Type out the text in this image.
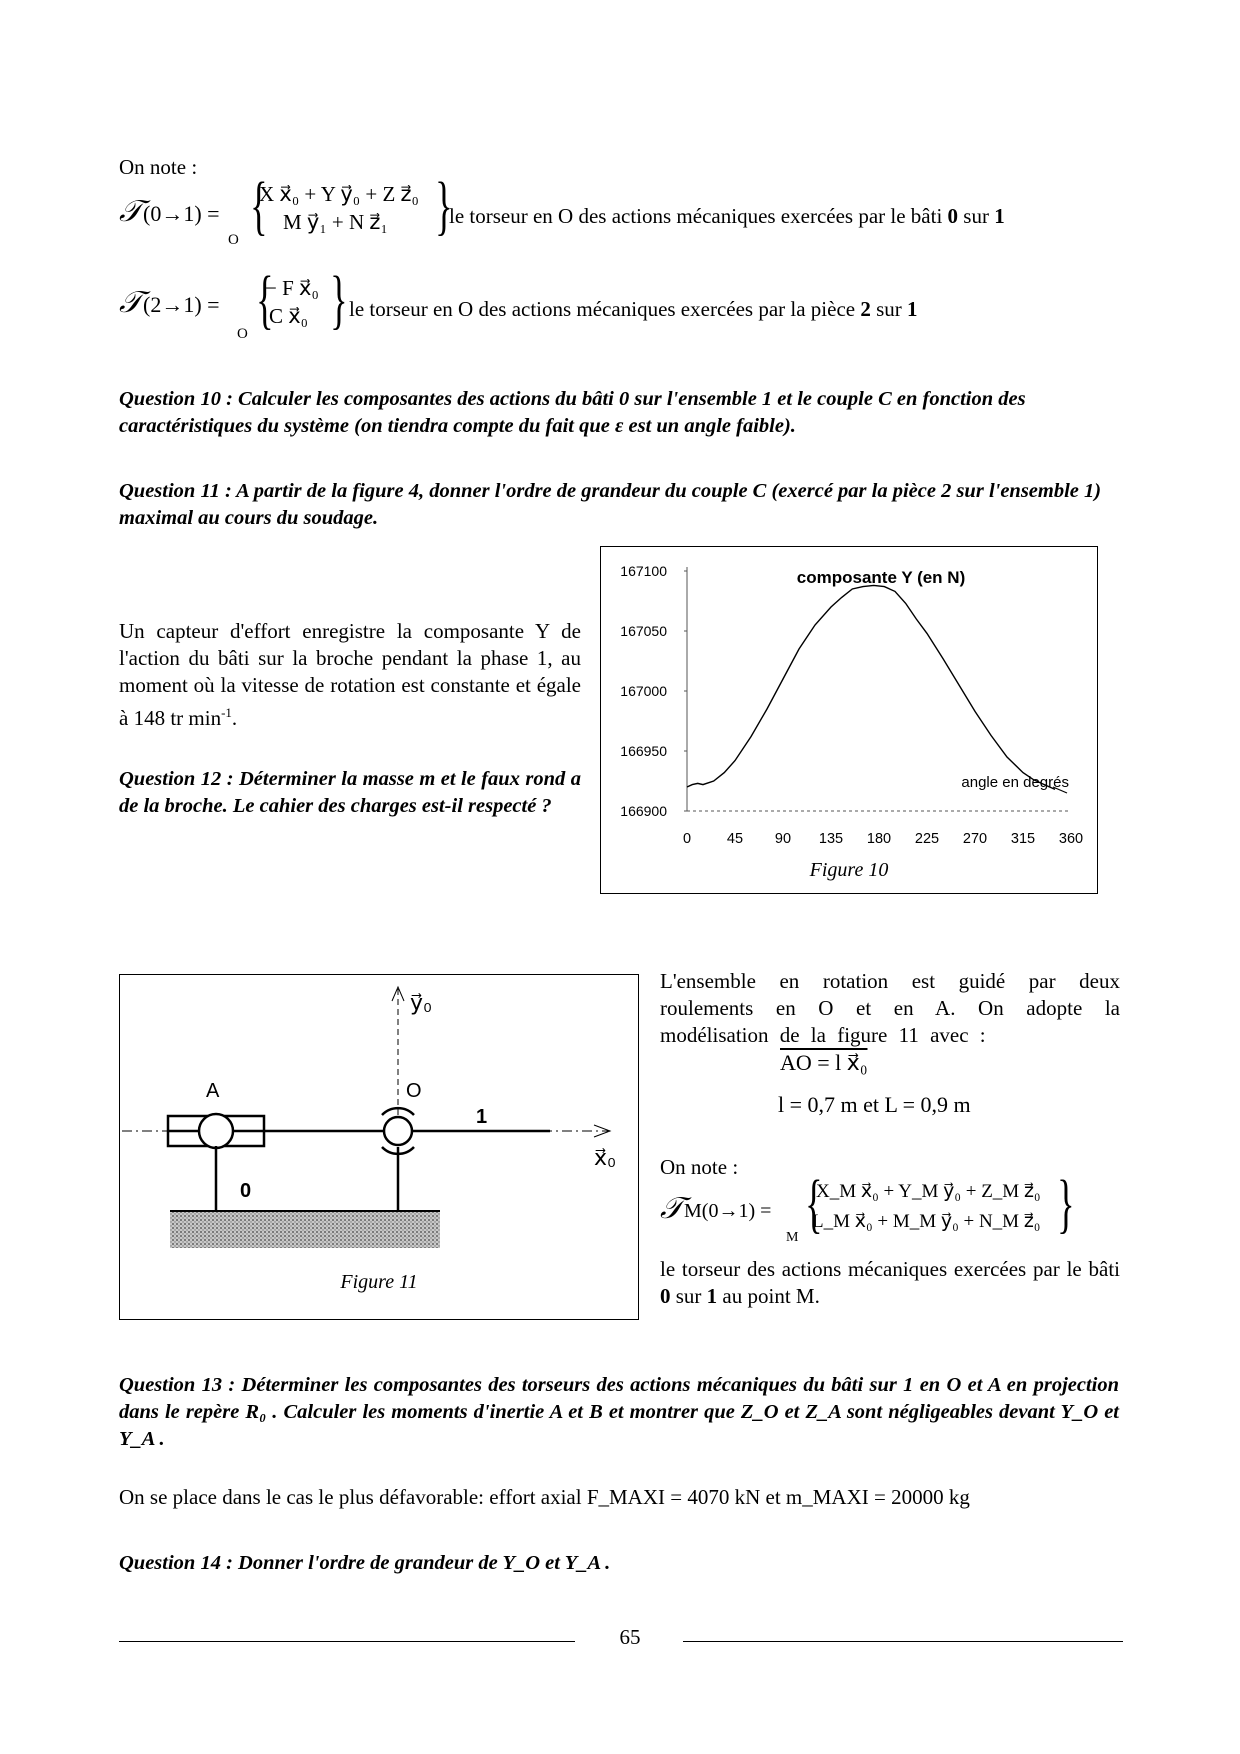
On note :
𝒯 (0→1) =
O {
X x⃗₀ + Y y⃗₀ + Z z⃗₀
M y⃗₁ + N z⃗₁ }
le torseur en O des actions mécaniques exercées par le bâti 0 sur 1
𝒯 (2→1) =
O {
− F x⃗₀
C x⃗₀ } le torseur en O des actions mécaniques exercées par la pièce 2 sur 1
Question 10 : Calculer les composantes des actions du bâti 0 sur l'ensemble 1 et le couple C en fonction des caractéristiques du système (on tiendra compte du fait que ε est un angle faible).
Question 11 : A partir de la figure 4, donner l'ordre de grandeur du couple C (exercé par la pièce 2 sur l'ensemble 1) maximal au cours du soudage.
Un capteur d'effort enregistre la composante Y de l'action du bâti sur la broche pendant la phase 1, au moment où la vitesse de rotation est constante et égale à 148 tr $\min^{-1}$.
Question 12 : Déterminer la masse m et le faux rond a de la broche. Le cahier des charges est-il respecté ?
composante Y (en N)
167100
167050
167000
166950
166900
0 45 90 135 180 225 270 315 360
angle en degrés
Figure 10
y⃗₀
x⃗₀
1
A	O
0
Figure 11
L'ensemble en rotation est guidé par deux roulements en O et en A. On adopte la modélisation de la figure 11 avec :
AO = l x⃗₀
l = 0,7 m et L = 0,9 m
On note :
𝒯 M(0→1) =
M {
X_M x⃗₀ + Y_M y⃗₀ + Z_M z⃗₀
L_M x⃗₀ + M_M y⃗₀ + N_M z⃗₀ }
le torseur des actions mécaniques exercées par le bâti 0 sur 1 au point M.
Question 13 : Déterminer les composantes des torseurs des actions mécaniques du bâti sur 1 en O et A en projection dans le repère R₀ . Calculer les moments d'inertie A et B et montrer que Z_O et Z_A sont négligeables devant Y_O et Y_A .
On se place dans le cas le plus défavorable: effort axial F_MAXI = 4070 kN et m_MAXI = 20000 kg
Question 14 : Donner l'ordre de grandeur de Y_O et Y_A .
65
